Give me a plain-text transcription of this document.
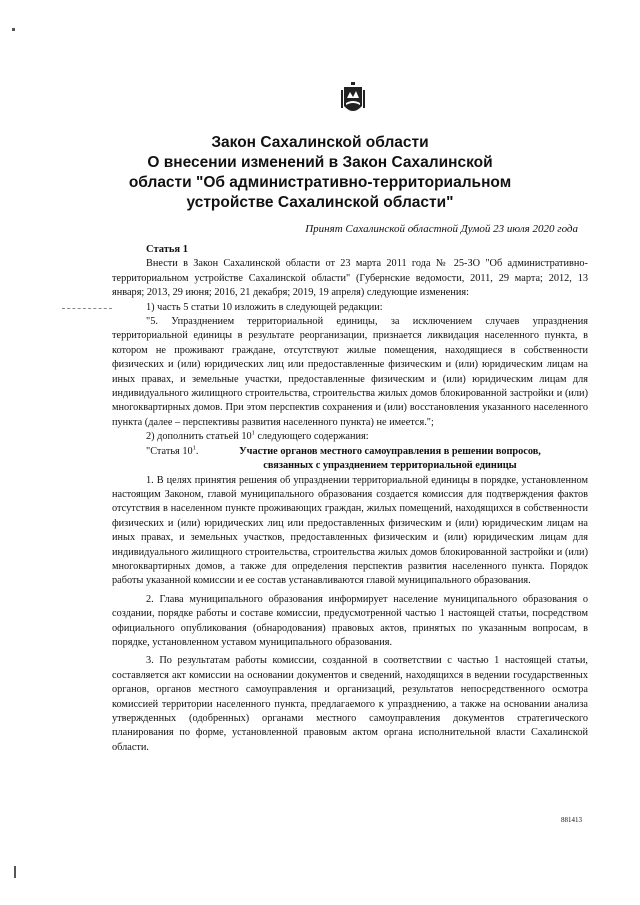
Закон Сахалинской области
О внесении изменений в Закон Сахалинской
области "Об административно-территориальном
устройстве Сахалинской области"
Принят Сахалинской областной Думой 23 июля 2020 года

Статья 1

Внести в Закон Сахалинской области от 23 марта 2011 года № 25-ЗО "Об административно-территориальном устройстве Сахалинской области" (Губернские ведомости, 2011, 29 марта; 2012, 13 января; 2013, 29 июня; 2016, 21 декабря; 2019, 19 апреля) следующие изменения:

1) часть 5 статьи 10 изложить в следующей редакции:

"5. Упразднением территориальной единицы, за исключением случаев упразднения территориальной единицы в результате реорганизации, признается ликвидация населенного пункта, в котором не проживают граждане, отсутствуют жилые помещения, находящиеся в собственности физических и (или) юридических лиц или предоставленные физическим и (или) юридическим лицам на иных правах, и земельные участки, предоставленные физическим и (или) юридическим лицам для индивидуального жилищного строительства, строительства жилых домов блокированной застройки и (или) многоквартирных домов. При этом перспектив сохранения и (или) восстановления указанного населенного пункта (далее – перспективы развития населенного пункта) не имеется.";

2) дополнить статьей $10^1$ следующего содержания:

"Статья $10^1$.	Участие органов местного самоуправления в решении вопросов, связанных с упразднением территориальной единицы

1. В целях принятия решения об упразднении территориальной единицы в порядке, установленном настоящим Законом, главой муниципального образования создается комиссия для подтверждения фактов отсутствия в населенном пункте проживающих граждан, жилых помещений, находящихся в собственности физических и (или) юридических лиц или предоставленных физическим и (или) юридическим лицам на иных правах, и земельных участков, предоставленных физическим и (или) юридическим лицам для индивидуального жилищного строительства, строительства жилых домов блокированной застройки и (или) многоквартирных домов, а также для определения перспектив развития населенного пункта. Порядок работы указанной комиссии и ее состав устанавливаются главой муниципального образования.

2. Глава муниципального образования информирует население муниципального образования о создании, порядке работы и составе комиссии, предусмотренной частью 1 настоящей статьи, посредством официального опубликования (обнародования) правовых актов, принятых по указанным вопросам, в порядке, установленном уставом муниципального образования.

3. По результатам работы комиссии, созданной в соответствии с частью 1 настоящей статьи, составляется акт комиссии на основании документов и сведений, находящихся в ведении государственных органов, органов местного самоуправления и организаций, результатов непосредственного осмотра комиссией территории населенного пункта, предлагаемого к упразднению, а также на основании анализа утвержденных (одобренных) органами местного самоуправления документов стратегического планирования по форме, установленной правовым актом органа исполнительной власти Сахалинской области.

881413
